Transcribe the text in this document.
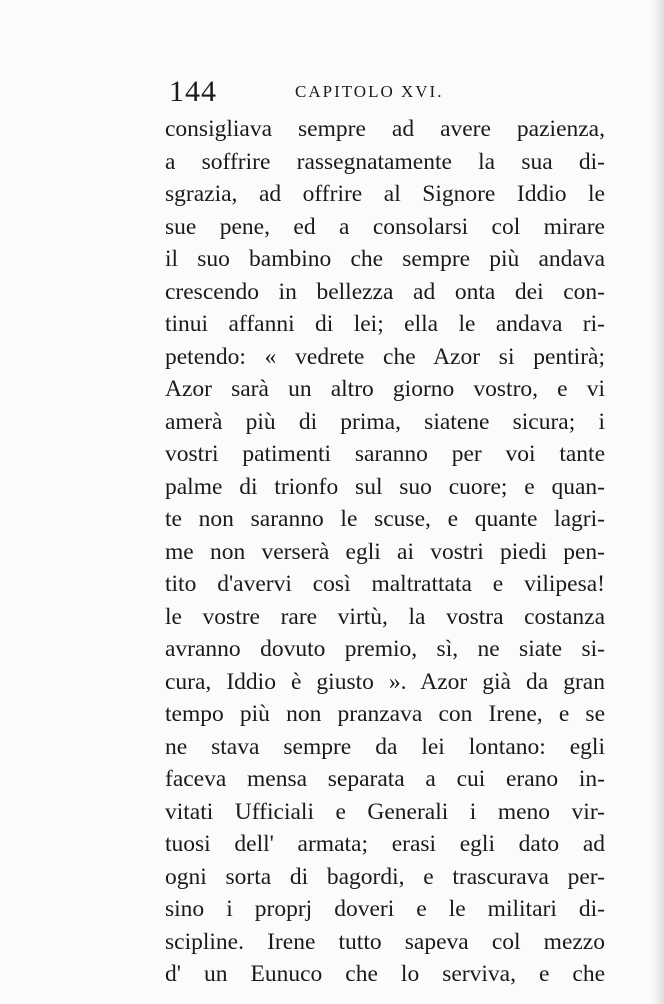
144	CAPITOLO XVI.
consigliava sempre ad avere pazienza,
a soffrire rassegnatamente la sua di-
sgrazia, ad offrire al Signore Iddio le
sue pene, ed a consolarsi col mirare
il suo bambino che sempre più andava
crescendo in bellezza ad onta dei con-
tinui affanni di lei; ella le andava ri-
petendo: « vedrete che Azor si pentirà;
Azor sarà un altro giorno vostro, e vi
amerà più di prima, siatene sicura; i
vostri patimenti saranno per voi tante
palme di trionfo sul suo cuore; e quan-
te non saranno le scuse, e quante lagri-
me non verserà egli ai vostri piedi pen-
tito d'avervi così maltrattata e vilipesa!
le vostre rare virtù, la vostra costanza
avranno dovuto premio, sì, ne siate si-
cura, Iddio è giusto ». Azor già da gran
tempo più non pranzava con Irene, e se
ne stava sempre da lei lontano: egli
faceva mensa separata a cui erano in-
vitati Ufficiali e Generali i meno vir-
tuosi dell' armata; erasi egli dato ad
ogni sorta di bagordi, e trascurava per-
sino i proprj doveri e le militari di-
scipline. Irene tutto sapeva col mezzo
d' un Eunuco che lo serviva, e che
